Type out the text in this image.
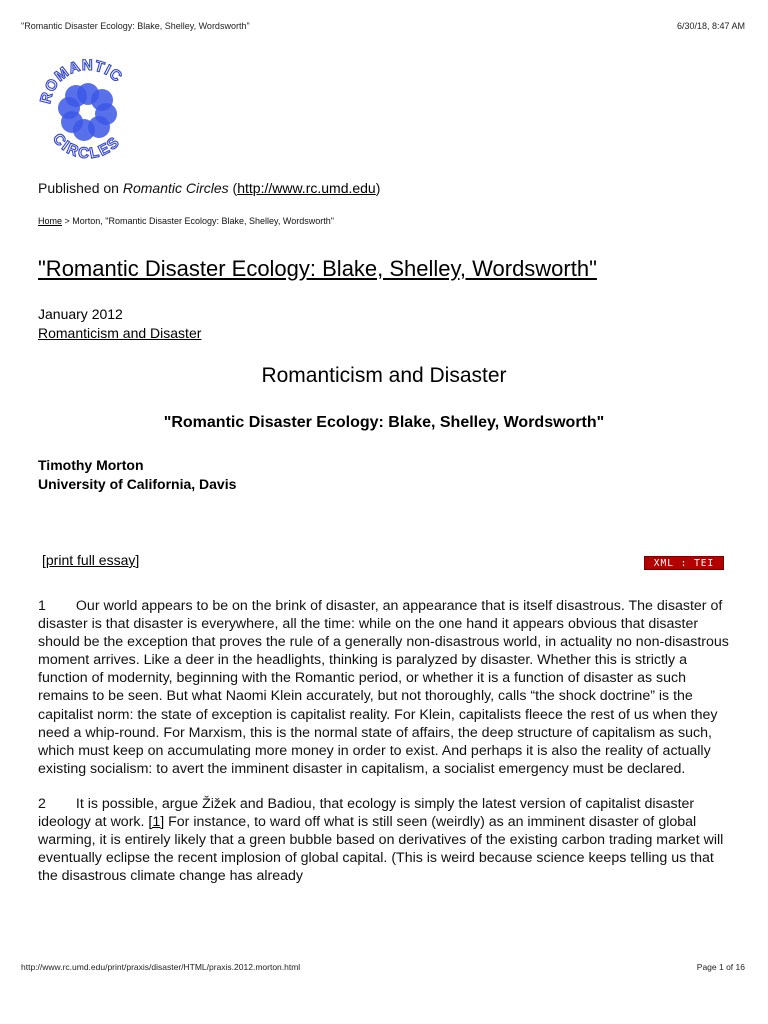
"Romantic Disaster Ecology: Blake, Shelley, Wordsworth"	6/30/18, 8:47 AM
ROMANTIC
CIRCLES
Published on Romantic Circles (http://www.rc.umd.edu)
Home > Morton, "Romantic Disaster Ecology: Blake, Shelley, Wordsworth"
"Romantic Disaster Ecology: Blake, Shelley, Wordsworth"
January 2012
Romanticism and Disaster
Romanticism and Disaster
"Romantic Disaster Ecology: Blake, Shelley, Wordsworth"
Timothy Morton
University of California, Davis
[print full essay]	XML : TEI

1 Our world appears to be on the brink of disaster, an appearance that is itself disastrous. The disaster of disaster is that disaster is everywhere, all the time: while on the one hand it appears obvious that disaster should be the exception that proves the rule of a generally non-disastrous world, in actuality no non-disastrous moment arrives. Like a deer in the headlights, thinking is paralyzed by disaster. Whether this is strictly a function of modernity, beginning with the Romantic period, or whether it is a function of disaster as such remains to be seen. But what Naomi Klein accurately, but not thoroughly, calls “the shock doctrine” is the capitalist norm: the state of exception is capitalist reality. For Klein, capitalists fleece the rest of us when they need a whip-round. For Marxism, this is the normal state of affairs, the deep structure of capitalism as such, which must keep on accumulating more money in order to exist. And perhaps it is also the reality of actually existing socialism: to avert the imminent disaster in capitalism, a socialist emergency must be declared.

2 It is possible, argue Žižek and Badiou, that ecology is simply the latest version of capitalist disaster ideology at work. [1] For instance, to ward off what is still seen (weirdly) as an imminent disaster of global warming, it is entirely likely that a green bubble based on derivatives of the existing carbon trading market will eventually eclipse the recent implosion of global capital. (This is weird because science keeps telling us that the disastrous climate change has already

http://www.rc.umd.edu/print/praxis/disaster/HTML/praxis.2012.morton.html	Page 1 of 16
